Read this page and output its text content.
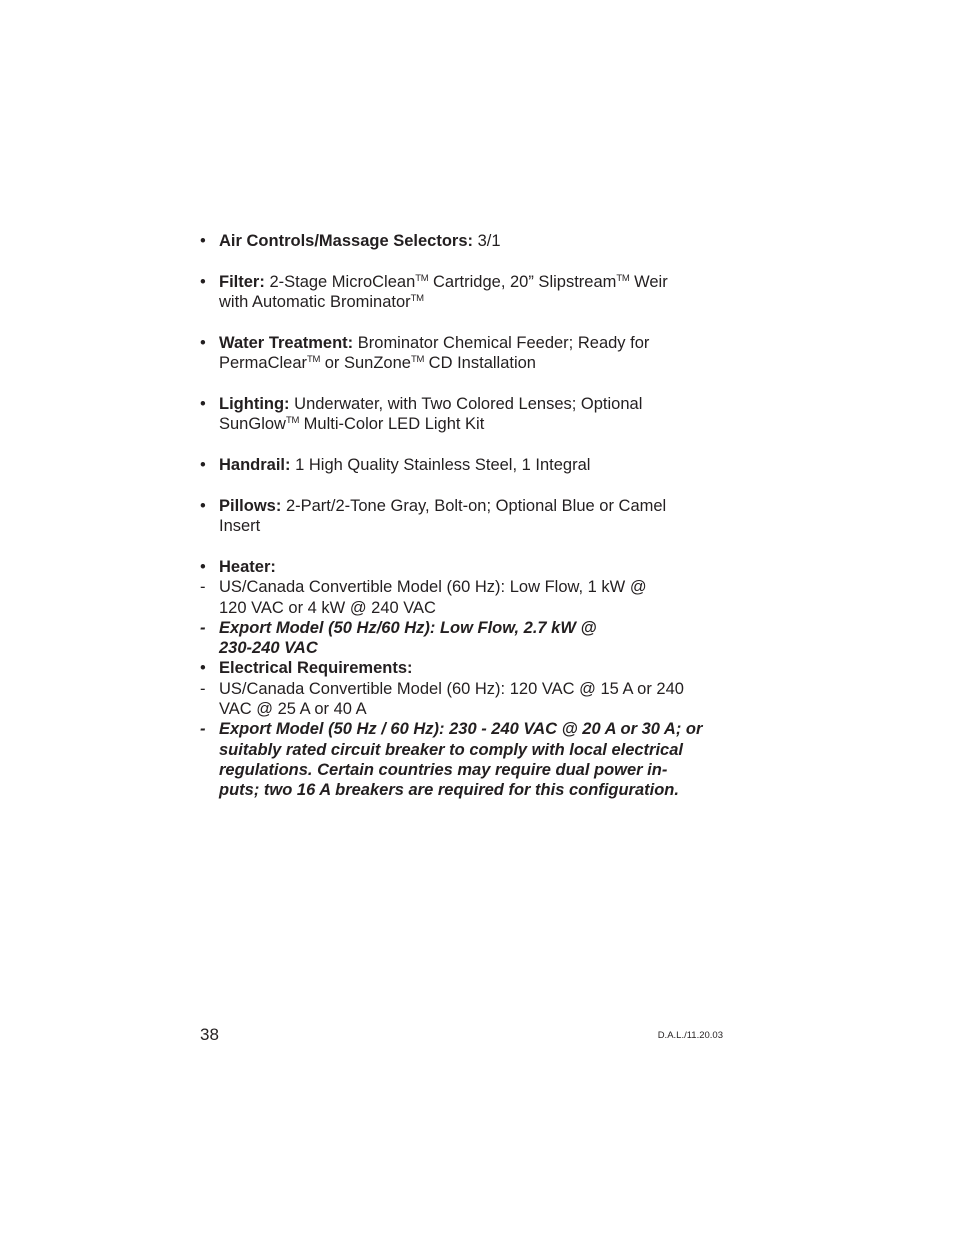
• Air Controls/Massage Selectors: 3/1
• Filter: 2-Stage MicroClean™ Cartridge, 20” Slipstream™ Weir
with Automatic Brominator™
• Water Treatment: Brominator Chemical Feeder; Ready for
PermaClear™ or SunZone™ CD Installation
• Lighting: Underwater, with Two Colored Lenses; Optional
SunGlow™ Multi-Color LED Light Kit
• Handrail: 1 High Quality Stainless Steel, 1 Integral
• Pillows: 2-Part/2-Tone Gray, Bolt-on; Optional Blue or Camel
Insert
• Heater:
- US/Canada Convertible Model (60 Hz): Low Flow, 1 kW @
120 VAC or 4 kW @ 240 VAC
- Export Model (50 Hz/60 Hz): Low Flow, 2.7 kW @
230-240 VAC
• Electrical Requirements:
- US/Canada Convertible Model (60 Hz): 120 VAC @ 15 A or 240
VAC @ 25 A or 40 A
- Export Model (50 Hz / 60 Hz): 230 - 240 VAC @ 20 A or 30 A; or
suitably rated circuit breaker to comply with local electrical
regulations. Certain countries may require dual power in-
puts; two 16 A breakers are required for this configuration.
38	D.A.L./11.20.03
